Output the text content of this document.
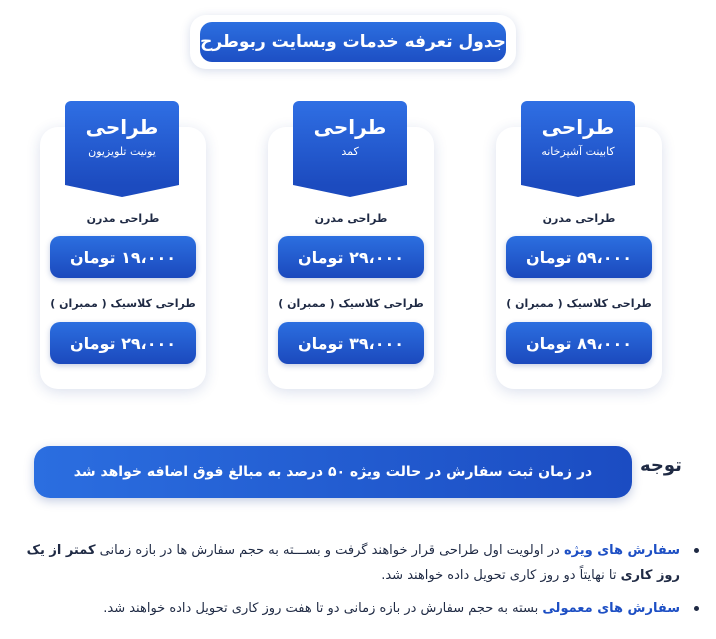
جدول تعرفه خدمات وبسایت ربوطرح
طراحی مدرن
۵۹،۰۰۰ تومان
طراحی کلاسیک ( ممبران )
۸۹،۰۰۰ تومان
طراحی
کابینت آشپزخانه
طراحی مدرن
۲۹،۰۰۰ تومان
طراحی کلاسیک ( ممبران )
۳۹،۰۰۰ تومان
طراحی
کمد
طراحی مدرن
۱۹،۰۰۰ تومان
طراحی کلاسیک ( ممبران )
۲۹،۰۰۰ تومان
طراحی
یونیت تلویزیون
توجه
در زمان ثبت سفارش در حالت ویژه ۵۰ درصد به مبالغ فوق اضافه خواهد شد
سفارش های ویژه در اولویت اول طراحی قرار خواهند گرفت و بســـته به حجم سفارش ها در بازه زمانی کمتر از یک روز کاری تا نهایتاً دو روز کاری تحویل داده خواهند شد.
سفارش های معمولی بسته به حجم سفارش در بازه زمانی دو تا هفت روز کاری تحویل داده خواهند شد.
